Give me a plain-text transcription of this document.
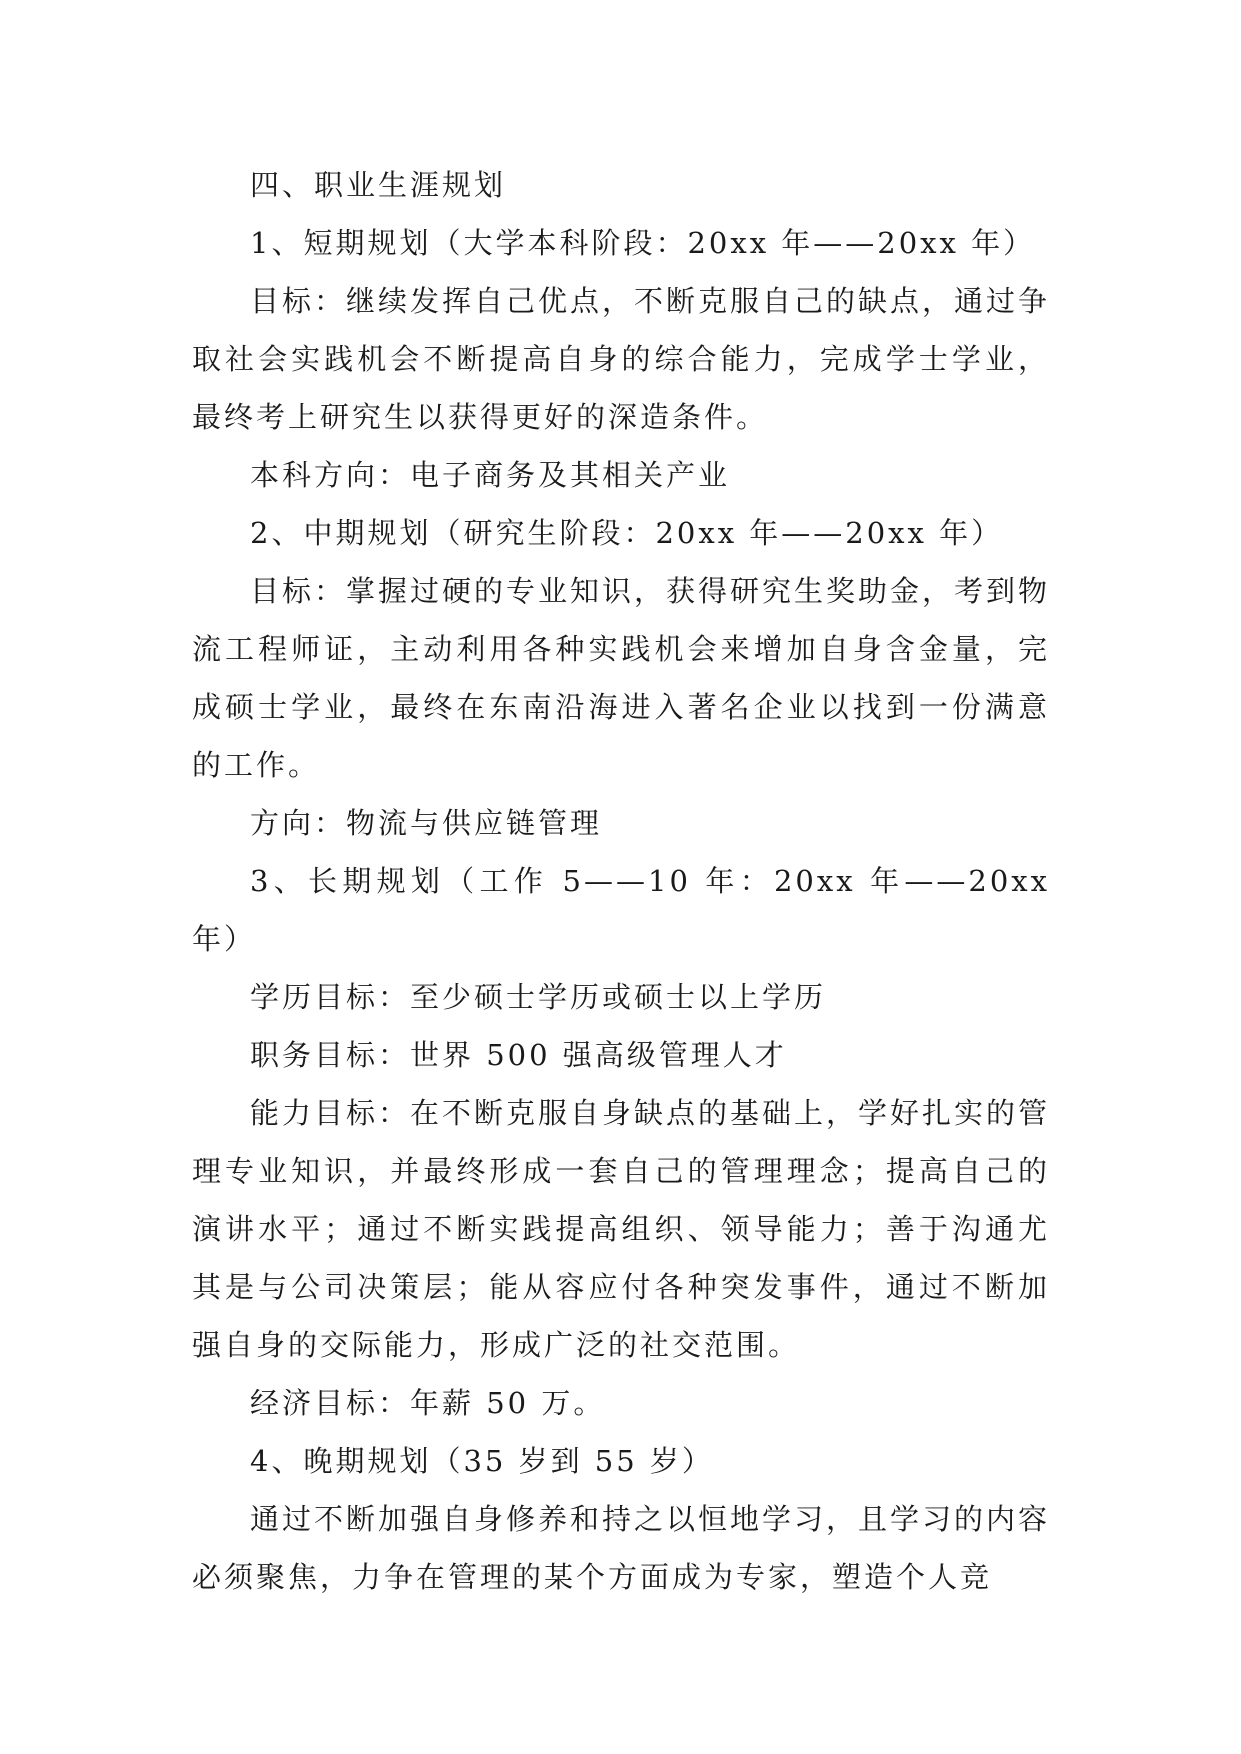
四、职业生涯规划

1、短期规划（大学本科阶段：20xx 年——20xx 年）

目标：继续发挥自己优点，不断克服自己的缺点，通过争取社会实践机会不断提高自身的综合能力，完成学士学业，最终考上研究生以获得更好的深造条件。

本科方向：电子商务及其相关产业

2、中期规划（研究生阶段：20xx 年——20xx 年）

目标：掌握过硬的专业知识，获得研究生奖助金，考到物流工程师证，主动利用各种实践机会来增加自身含金量，完成硕士学业，最终在东南沿海进入著名企业以找到一份满意的工作。

方向：物流与供应链管理

3、长期规划（工作 5——10 年：20xx 年——20xx 年）

学历目标：至少硕士学历或硕士以上学历

职务目标：世界 500 强高级管理人才

能力目标：在不断克服自身缺点的基础上，学好扎实的管理专业知识，并最终形成一套自己的管理理念；提高自己的演讲水平；通过不断实践提高组织、领导能力；善于沟通尤其是与公司决策层；能从容应付各种突发事件，通过不断加强自身的交际能力，形成广泛的社交范围。

经济目标：年薪 50 万。

4、晚期规划（35 岁到 55 岁）

通过不断加强自身修养和持之以恒地学习，且学习的内容必须聚焦，力争在管理的某个方面成为专家，塑造个人竞
